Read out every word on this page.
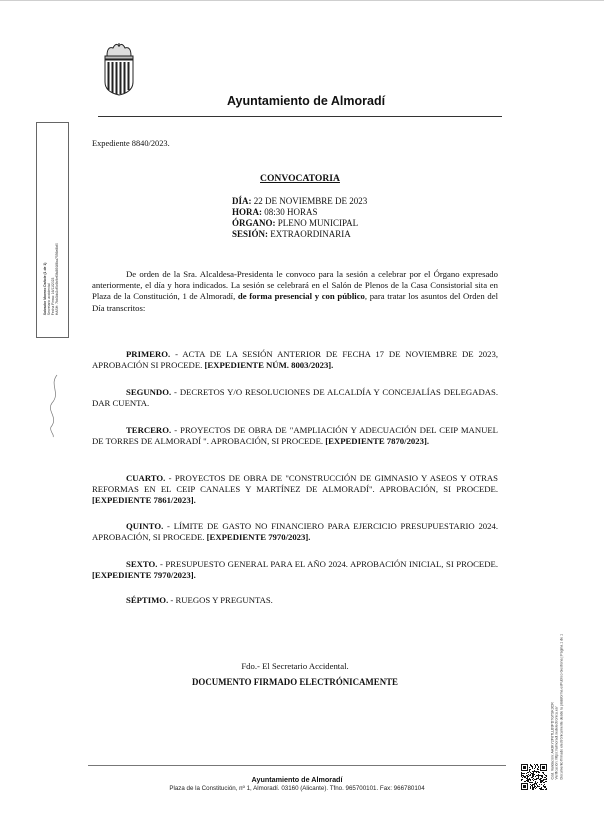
Ayuntamiento de Almoradí
Salvador Moreno Dañole (1 de 1) Secretario accidental Fecha Firma: 16/11/2023 HASH: 7bb3bb2cf5c9b9ef3fd891f8ba7556e8bf0
Expediente 8840/2023.
CONVOCATORIA
DÍA: 22 DE NOVIEMBRE DE 2023
HORA: 08:30 HORAS
ÓRGANO: PLENO MUNICIPAL
SESIÓN: EXTRAORDINARIA

De orden de la Sra. Alcaldesa-Presidenta le convoco para la sesión a celebrar por el Órgano expresado anteriormente, el día y hora indicados. La sesión se celebrará en el Salón de Plenos de la Casa Consistorial sita en Plaza de la Constitución, 1 de Almoradí, de forma presencial y con público, para tratar los asuntos del Orden del Día transcritos:

PRIMERO. - ACTA DE LA SESIÓN ANTERIOR DE FECHA 17 DE NOVIEMBRE DE 2023, APROBACIÓN SI PROCEDE. [EXPEDIENTE NÚM. 8003/2023].

SEGUNDO. - DECRETOS Y/O RESOLUCIONES DE ALCALDÍA Y CONCEJALÍAS DELEGADAS. DAR CUENTA.

TERCERO. - PROYECTOS DE OBRA DE "AMPLIACIÓN Y ADECUACIÓN DEL CEIP MANUEL DE TORRES DE ALMORADÍ ". APROBACIÓN, SI PROCEDE. [EXPEDIENTE 7870/2023].

CUARTO. - PROYECTOS DE OBRA DE "CONSTRUCCIÓN DE GIMNASIO Y ASEOS Y OTRAS REFORMAS EN EL CEIP CANALES Y MARTÍNEZ DE ALMORADÍ". APROBACIÓN, SI PROCEDE. [EXPEDIENTE 7861/2023].

QUINTO. - LÍMITE DE GASTO NO FINANCIERO PARA EJERCICIO PRESUPUESTARIO 2024. APROBACIÓN, SI PROCEDE. [EXPEDIENTE 7970/2023].

SEXTO. - PRESUPUESTO GENERAL PARA EL AÑO 2024. APROBACIÓN INICIAL, SI PROCEDE. [EXPEDIENTE 7970/2023].

SÉPTIMO. - RUEGOS Y PREGUNTAS.

Fdo.- El Secretario Accidental.
DOCUMENTO FIRMADO ELECTRÓNICAMENTE
Cód. Validación: AA3KY2P8TLLB9PD7GTSK3CR Verificación: https://almoradi.sedelectronica.es/ Documento firmado electrónicamente desde la plataforma esPublico Gestiona | Página 1 de 1
Ayuntamiento de Almoradí
Plaza de la Constitución, nº 1, Almoradí. 03160 (Alicante). Tfno. 965700101. Fax: 966780104
